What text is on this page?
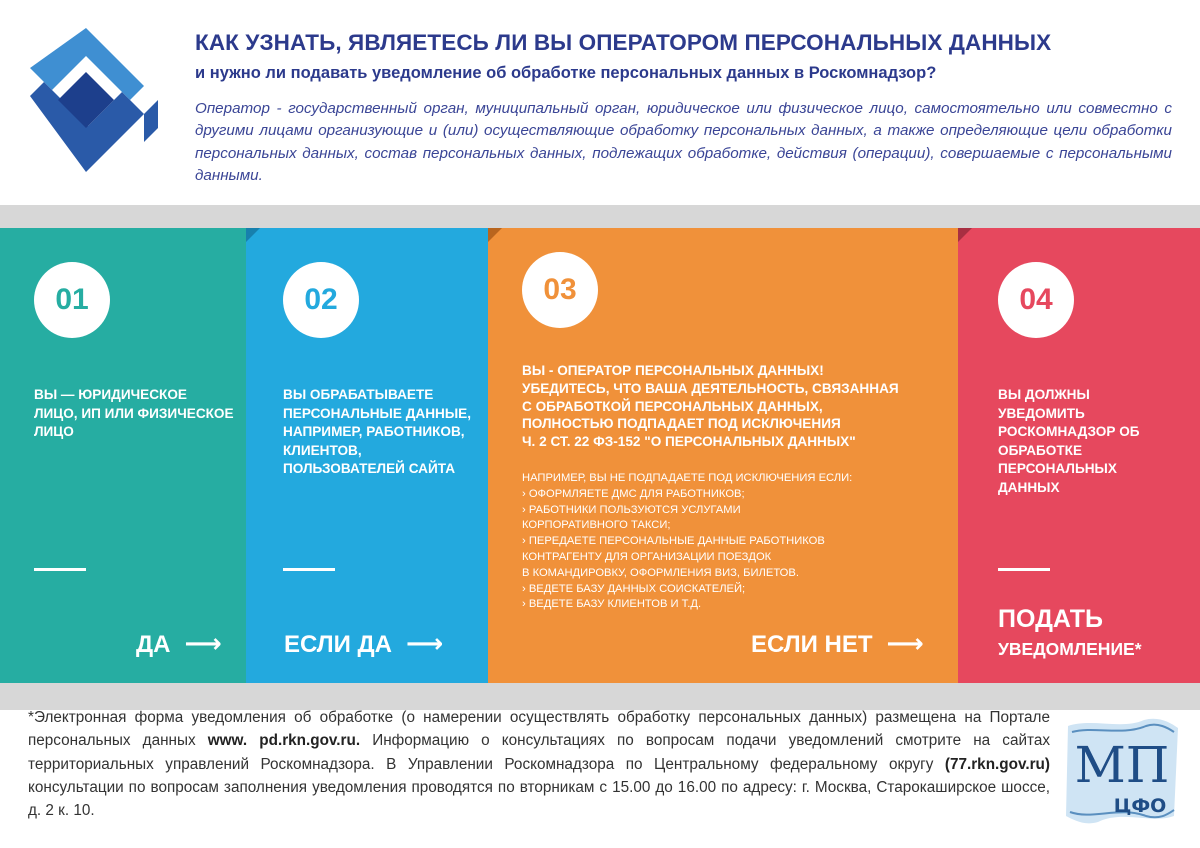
КАК УЗНАТЬ, ЯВЛЯЕТЕСЬ ЛИ ВЫ ОПЕРАТОРОМ ПЕРСОНАЛЬНЫХ ДАННЫХ
и нужно ли подавать уведомление об обработке персональных данных в Роскомнадзор?
Оператор - государственный орган, муниципальный орган, юридическое или физическое лицо, самостоятельно или совместно с другими лицами организующие и (или) осуществляющие обработку персональных данных, а также определяющие цели обработки персональных данных, состав персональных данных, подлежащих обработке, действия (операции), совершаемые с персональными данными.
01
ВЫ — ЮРИДИЧЕСКОЕ ЛИЦО, ИП ИЛИ ФИЗИЧЕСКОЕ ЛИЦО
ДА ⟶
02
ВЫ ОБРАБАТЫВАЕТЕ ПЕРСОНАЛЬНЫЕ ДАННЫЕ, НАПРИМЕР, РАБОТНИКОВ, КЛИЕНТОВ, ПОЛЬЗОВАТЕЛЕЙ САЙТА
ЕСЛИ ДА ⟶
03
ВЫ - ОПЕРАТОР ПЕРСОНАЛЬНЫХ ДАННЫХ!
УБЕДИТЕСЬ, ЧТО ВАША ДЕЯТЕЛЬНОСТЬ, СВЯЗАННАЯ
С ОБРАБОТКОЙ ПЕРСОНАЛЬНЫХ ДАННЫХ,
ПОЛНОСТЬЮ ПОДПАДАЕТ ПОД ИСКЛЮЧЕНИЯ
Ч. 2 СТ. 22 ФЗ-152 "О ПЕРСОНАЛЬНЫХ ДАННЫХ"
НАПРИМЕР, ВЫ НЕ ПОДПАДАЕТЕ ПОД ИСКЛЮЧЕНИЯ ЕСЛИ:
› ОФОРМЛЯЕТЕ ДМС ДЛЯ РАБОТНИКОВ;
› РАБОТНИКИ ПОЛЬЗУЮТСЯ УСЛУГАМИ
КОРПОРАТИВНОГО ТАКСИ;
› ПЕРЕДАЕТЕ ПЕРСОНАЛЬНЫЕ ДАННЫЕ РАБОТНИКОВ
КОНТРАГЕНТУ ДЛЯ ОРГАНИЗАЦИИ ПОЕЗДОК
В КОМАНДИРОВКУ, ОФОРМЛЕНИЯ ВИЗ, БИЛЕТОВ.
› ВЕДЕТЕ БАЗУ ДАННЫХ СОИСКАТЕЛЕЙ;
› ВЕДЕТЕ БАЗУ КЛИЕНТОВ И Т.Д.
ЕСЛИ НЕТ ⟶
04
ВЫ ДОЛЖНЫ УВЕДОМИТЬ РОСКОМНАДЗОР ОБ ОБРАБОТКЕ ПЕРСОНАЛЬНЫХ ДАННЫХ
ПОДАТЬ
УВЕДОМЛЕНИЕ*
*Электронная форма уведомления об обработке (о намерении осуществлять обработку персональных данных) размещена на Портале персональных данных www. pd.rkn.gov.ru. Информацию о консультациях по вопросам подачи уведомлений смотрите на сайтах территориальных управлений Роскомнадзора. В Управлении Роскомнадзора по Центральному федеральному округу (77.rkn.gov.ru) консультации по вопросам заполнения уведомления проводятся по вторникам с 15.00 до 16.00 по адресу: г. Москва, Старокаширское шоссе, д. 2 к. 10.
МП
ЦФО
